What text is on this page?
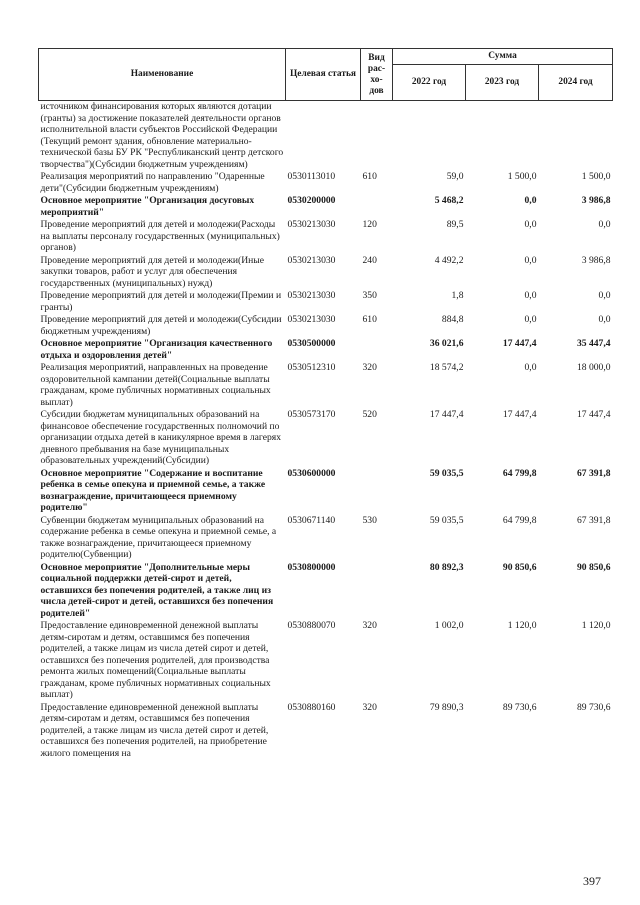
Наименование	Целевая статья	Вид рас- хо- дов	Сумма		
			2022 год	2023 год	2024 год
источником финансирования которых являются дотации (гранты) за достижение показателей деятельности органов исполнительной власти субъектов Российской Федерации (Текущий ремонт здания, обновление материально-технической базы БУ РК "Республиканский центр детского творчества")(Субсидии бюджетным учреждениям)					
Реализация мероприятий по направлению "Одаренные дети"(Субсидии бюджетным учреждениям)	0530113010	610	59,0	1 500,0	1 500,0
Основное мероприятие "Организация досуговых мероприятий"	0530200000		5 468,2	0,0	3 986,8
Проведение мероприятий для детей и молодежи(Расходы на выплаты персоналу государственных (муниципальных) органов)	0530213030	120	89,5	0,0	0,0
Проведение мероприятий для детей и молодежи(Иные закупки товаров, работ и услуг для обеспечения государственных (муниципальных) нужд)	0530213030	240	4 492,2	0,0	3 986,8
Проведение мероприятий для детей и молодежи(Премии и гранты)	0530213030	350	1,8	0,0	0,0
Проведение мероприятий для детей и молодежи(Субсидии бюджетным учреждениям)	0530213030	610	884,8	0,0	0,0
Основное мероприятие "Организация качественного отдыха и оздоровления детей"	0530500000		36 021,6	17 447,4	35 447,4
Реализация мероприятий, направленных на проведение оздоровительной кампании детей(Социальные выплаты гражданам, кроме публичных нормативных социальных выплат)	0530512310	320	18 574,2	0,0	18 000,0
Субсидии бюджетам муниципальных образований на финансовое обеспечение государственных полномочий по организации отдыха детей в каникулярное время в лагерях дневного пребывания на базе муниципальных образовательных учреждений(Субсидии)	0530573170	520	17 447,4	17 447,4	17 447,4
Основное мероприятие "Содержание и воспитание ребенка в семье опекуна и приемной семье, а также вознаграждение, причитающееся приемному родителю"	0530600000		59 035,5	64 799,8	67 391,8
Субвенции бюджетам муниципальных образований на содержание ребенка в семье опекуна и приемной семье, а также вознаграждение, причитающееся приемному родителю(Субвенции)	0530671140	530	59 035,5	64 799,8	67 391,8
Основное мероприятие "Дополнительные меры социальной поддержки детей-сирот и детей, оставшихся без попечения родителей, а также лиц из числа детей-сирот и детей, оставшихся без попечения родителей"	0530800000		80 892,3	90 850,6	90 850,6
Предоставление единовременной денежной выплаты детям-сиротам и детям, оставшимся без попечения родителей, а также лицам из числа детей сирот и детей, оставшихся без попечения родителей, для производства ремонта жилых помещений(Социальные выплаты гражданам, кроме публичных нормативных социальных выплат)	0530880070	320	1 002,0	1 120,0	1 120,0
Предоставление единовременной денежной выплаты детям-сиротам и детям, оставшимся без попечения родителей, а также лицам из числа детей сирот и детей, оставшихся без попечения родителей, на приобретение жилого помещения на	0530880160	320	79 890,3	89 730,6	89 730,6
397
